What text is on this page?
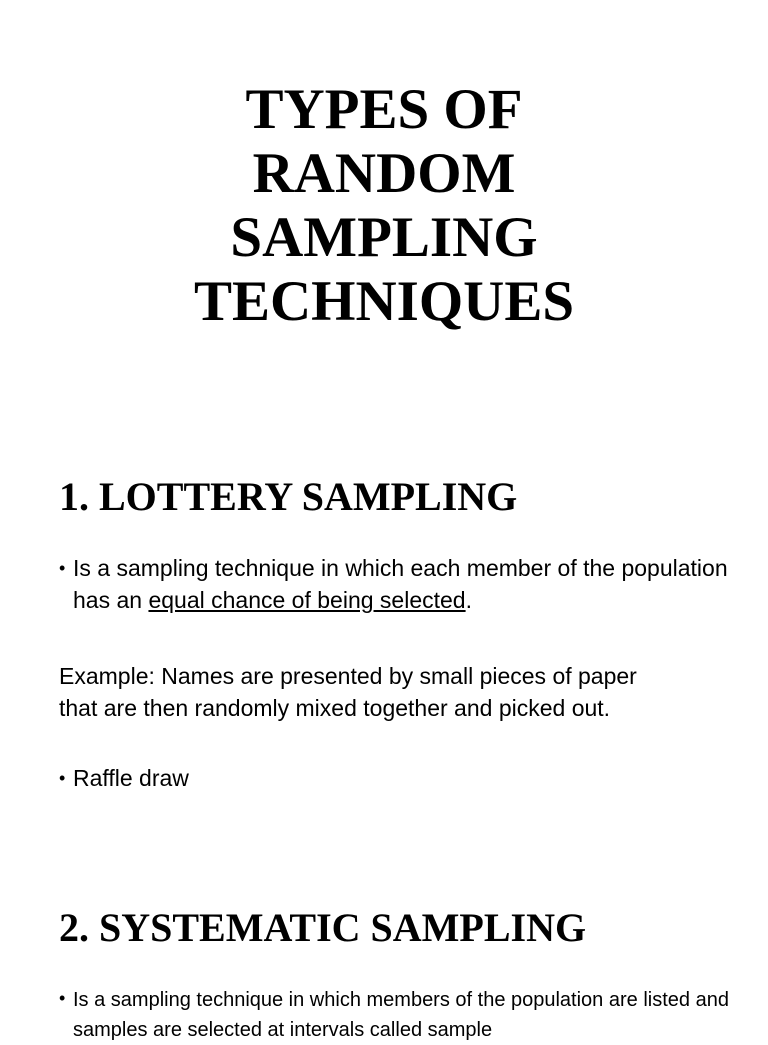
TYPES OF
RANDOM
SAMPLING
TECHNIQUES
1. LOTTERY SAMPLING

• Is a sampling technique in which each member of the population has an equal chance of being selected.

Example: Names are presented by small pieces of paper that are then randomly mixed together and picked out.

• Raffle draw

2. SYSTEMATIC SAMPLING

• Is a sampling technique in which members of the population are listed and samples are selected at intervals called sample
